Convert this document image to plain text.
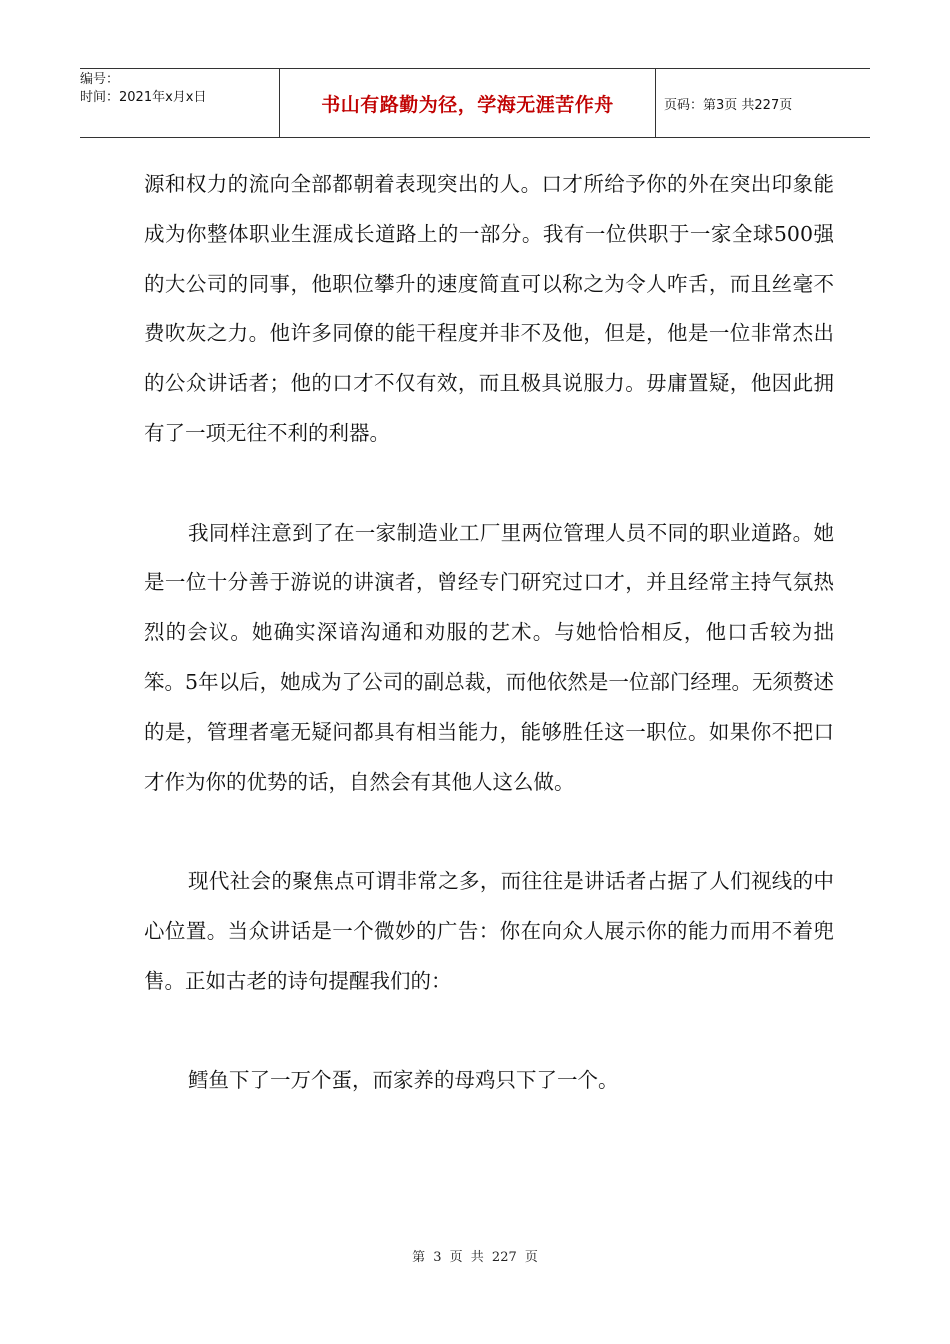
编号：
时间：2021年x月x日	书山有路勤为径，学海无涯苦作舟	页码：第3页 共227页

源和权力的流向全部都朝着表现突出的人。口才所给予你的外在突出印象能成为你整体职业生涯成长道路上的一部分。我有一位供职于一家全球500强的大公司的同事，他职位攀升的速度简直可以称之为令人咋舌，而且丝毫不费吹灰之力。他许多同僚的能干程度并非不及他，但是，他是一位非常杰出的公众讲话者；他的口才不仅有效，而且极具说服力。毋庸置疑，他因此拥有了一项无往不利的利器。

我同样注意到了在一家制造业工厂里两位管理人员不同的职业道路。她是一位十分善于游说的讲演者，曾经专门研究过口才，并且经常主持气氛热烈的会议。她确实深谙沟通和劝服的艺术。与她恰恰相反，他口舌较为拙笨。5年以后，她成为了公司的副总裁，而他依然是一位部门经理。无须赘述的是，管理者毫无疑问都具有相当能力，能够胜任这一职位。如果你不把口才作为你的优势的话，自然会有其他人这么做。

现代社会的聚焦点可谓非常之多，而往往是讲话者占据了人们视线的中心位置。当众讲话是一个微妙的广告：你在向众人展示你的能力而用不着兜售。正如古老的诗句提醒我们的：

鳕鱼下了一万个蛋，而家养的母鸡只下了一个。

第 3 页 共 227 页
